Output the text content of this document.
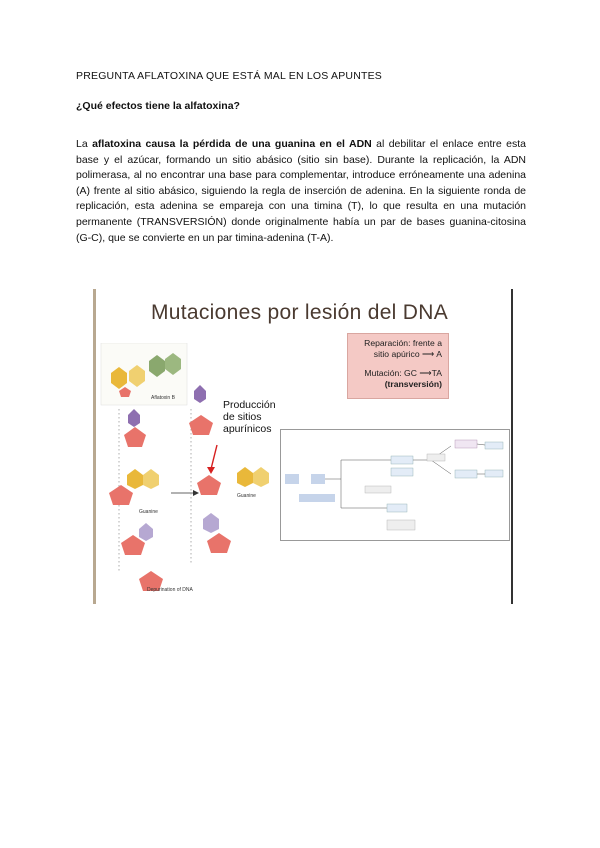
PREGUNTA AFLATOXINA QUE ESTÁ MAL EN LOS APUNTES
¿Qué efectos tiene la alfatoxina?
La aflatoxina causa la pérdida de una guanina en el ADN al debilitar el enlace entre esta base y el azúcar, formando un sitio abásico (sitio sin base). Durante la replicación, la ADN polimerasa, al no encontrar una base para complementar, introduce erróneamente una adenina (A) frente al sitio abásico, siguiendo la regla de inserción de adenina. En la siguiente ronda de replicación, esta adenina se empareja con una timina (T), lo que resulta en una mutación permanente (TRANSVERSIÓN) donde originalmente había un par de bases guanina-citosina (G-C), que se convierte en un par timina-adenina (T-A).
Mutaciones por lesión del DNA
Reparación: frente a

sitio apúrico ⟶ A
Mutación: GC ⟶TA
(transversión)
Producción
de sitios
apurínicos
Aflatoxin B
Guanine
Guanine
Depurination of DNA
